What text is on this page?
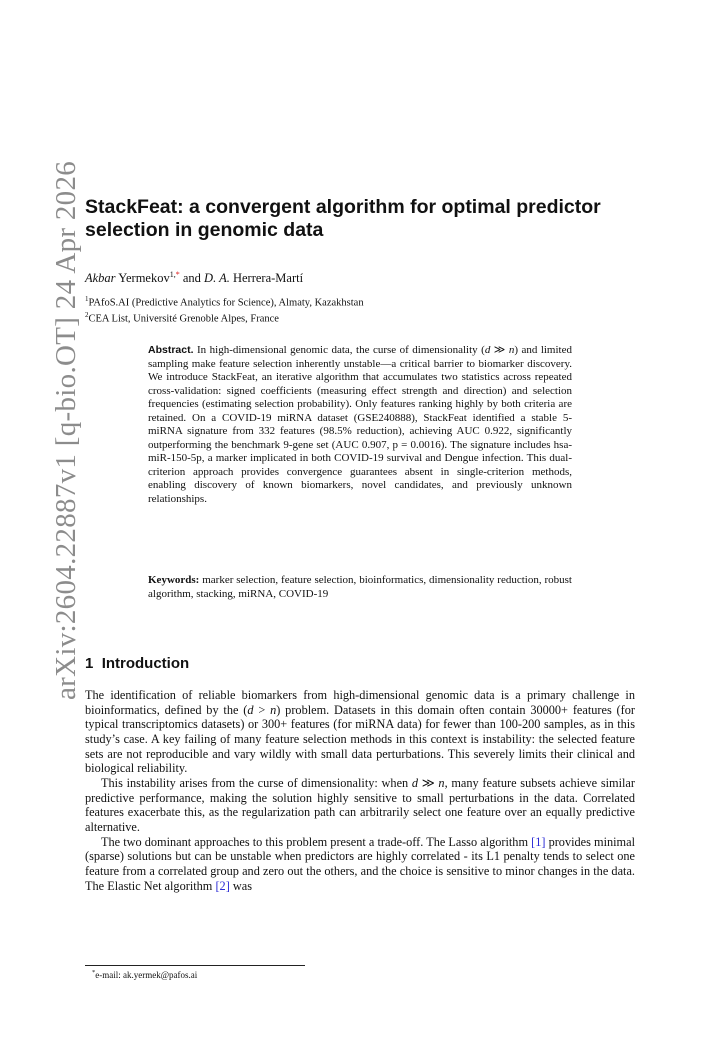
arXiv:2604.22887v1 [q-bio.OT] 24 Apr 2026 StackFeat: a convergent algorithm for optimal predictor selection in genomic data
Akbar Yermekov$^{1,*}$ and D. A. Herrera-Martí
$^1$PAfoS.AI (Predictive Analytics for Science), Almaty, Kazakhstan
$^2$CEA List, Université Grenoble Alpes, France

Abstract. In high-dimensional genomic data, the curse of dimensionality (d ≫ n) and limited sampling make feature selection inherently unstable—a critical barrier to biomarker discovery. We introduce StackFeat, an iterative algorithm that accumulates two statistics across repeated cross-validation: signed coefficients (measuring effect strength and direction) and selection frequencies (estimating selection probability). Only features ranking highly by both criteria are retained. On a COVID-19 miRNA dataset (GSE240888), StackFeat identified a stable 5-miRNA signature from 332 features (98.5% reduction), achieving AUC 0.922, significantly outperforming the benchmark 9-gene set (AUC 0.907, p = 0.0016). The signature includes hsa-miR-150-5p, a marker implicated in both COVID-19 survival and Dengue infection. This dual-criterion approach provides convergence guarantees absent in single-criterion methods, enabling discovery of known biomarkers, novel candidates, and previously unknown relationships.

Keywords: marker selection, feature selection, bioinformatics, dimensionality reduction, robust algorithm, stacking, miRNA, COVID-19

1 Introduction

The identification of reliable biomarkers from high-dimensional genomic data is a primary challenge in bioinformatics, defined by the (d > n) problem. Datasets in this domain often contain 30000+ features (for typical transcriptomics datasets) or 300+ features (for miRNA data) for fewer than 100-200 samples, as in this study’s case. A key failing of many feature selection methods in this context is instability: the selected feature sets are not reproducible and vary wildly with small data perturbations. This severely limits their clinical and biological reliability.

This instability arises from the curse of dimensionality: when d ≫ n, many feature subsets achieve similar predictive performance, making the solution highly sensitive to small perturbations in the data. Correlated features exacerbate this, as the regularization path can arbitrarily select one feature over an equally predictive alternative.

The two dominant approaches to this problem present a trade-off. The Lasso algorithm [1] provides minimal (sparse) solutions but can be unstable when predictors are highly correlated - its L1 penalty tends to select one feature from a correlated group and zero out the others, and the choice is sensitive to minor changes in the data. The Elastic Net algorithm [2] was

*e-mail: ak.yermek@pafos.ai
